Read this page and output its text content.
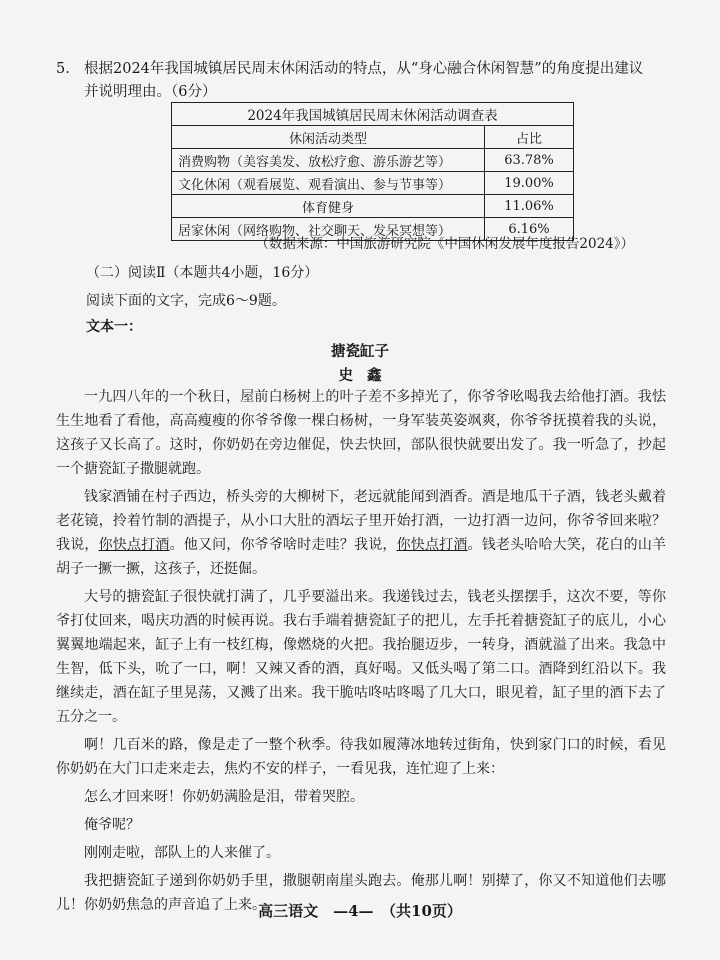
5. 根据2024年我国城镇居民周末休闲活动的特点，从“身心融合休闲智慧”的角度提出建议并说明理由。（6分）
2024年我国城镇居民周末休闲活动调查表	
休闲活动类型	占比
消费购物（美容美发、放松疗愈、游乐游艺等）	63.78%
文化休闲（观看展览、观看演出、参与节事等）	19.00%
体育健身	11.06%
居家休闲（网络购物、社交聊天、发呆冥想等）	6.16%
（数据来源：中国旅游研究院《中国休闲发展年度报告2024》）
（二）阅读Ⅱ（本题共4小题，16分）
阅读下面的文字，完成6～9题。
文本一：
搪瓷缸子
史鑫

一九四八年的一个秋日，屋前白杨树上的叶子差不多掉光了，你爷爷吆喝我去给他打酒。我怯生生地看了看他，高高瘦瘦的你爷爷像一棵白杨树，一身军装英姿飒爽，你爷爷抚摸着我的头说，这孩子又长高了。这时，你奶奶在旁边催促，快去快回，部队很快就要出发了。我一听急了，抄起一个搪瓷缸子撒腿就跑。

钱家酒铺在村子西边，桥头旁的大柳树下，老远就能闻到酒香。酒是地瓜干子酒，钱老头戴着老花镜，拎着竹制的酒提子，从小口大肚的酒坛子里开始打酒，一边打酒一边问，你爷爷回来啦？我说，你快点打酒。他又问，你爷爷啥时走哇？我说，你快点打酒。钱老头哈哈大笑，花白的山羊胡子一撅一撅，这孩子，还挺倔。

大号的搪瓷缸子很快就打满了，几乎要溢出来。我递钱过去，钱老头摆摆手，这次不要，等你爷打仗回来，喝庆功酒的时候再说。我右手端着搪瓷缸子的把儿，左手托着搪瓷缸子的底儿，小心翼翼地端起来，缸子上有一枝红梅，像燃烧的火把。我抬腿迈步，一转身，酒就溢了出来。我急中生智，低下头，吮了一口，啊！又辣又香的酒，真好喝。又低头喝了第二口。酒降到红沿以下。我继续走，酒在缸子里晃荡，又溅了出来。我干脆咕咚咕咚喝了几大口，眼见着，缸子里的酒下去了五分之一。

啊！几百米的路，像是走了一整个秋季。待我如履薄冰地转过街角，快到家门口的时候，看见你奶奶在大门口走来走去，焦灼不安的样子，一看见我，连忙迎了上来：

怎么才回来呀！你奶奶满脸是泪，带着哭腔。

俺爷呢？

刚刚走啦，部队上的人来催了。

我把搪瓷缸子递到你奶奶手里，撒腿朝南崖头跑去。俺那儿啊！别撵了，你又不知道他们去哪儿！你奶奶焦急的声音追了上来。

高三语文　—4—　（共10页）
